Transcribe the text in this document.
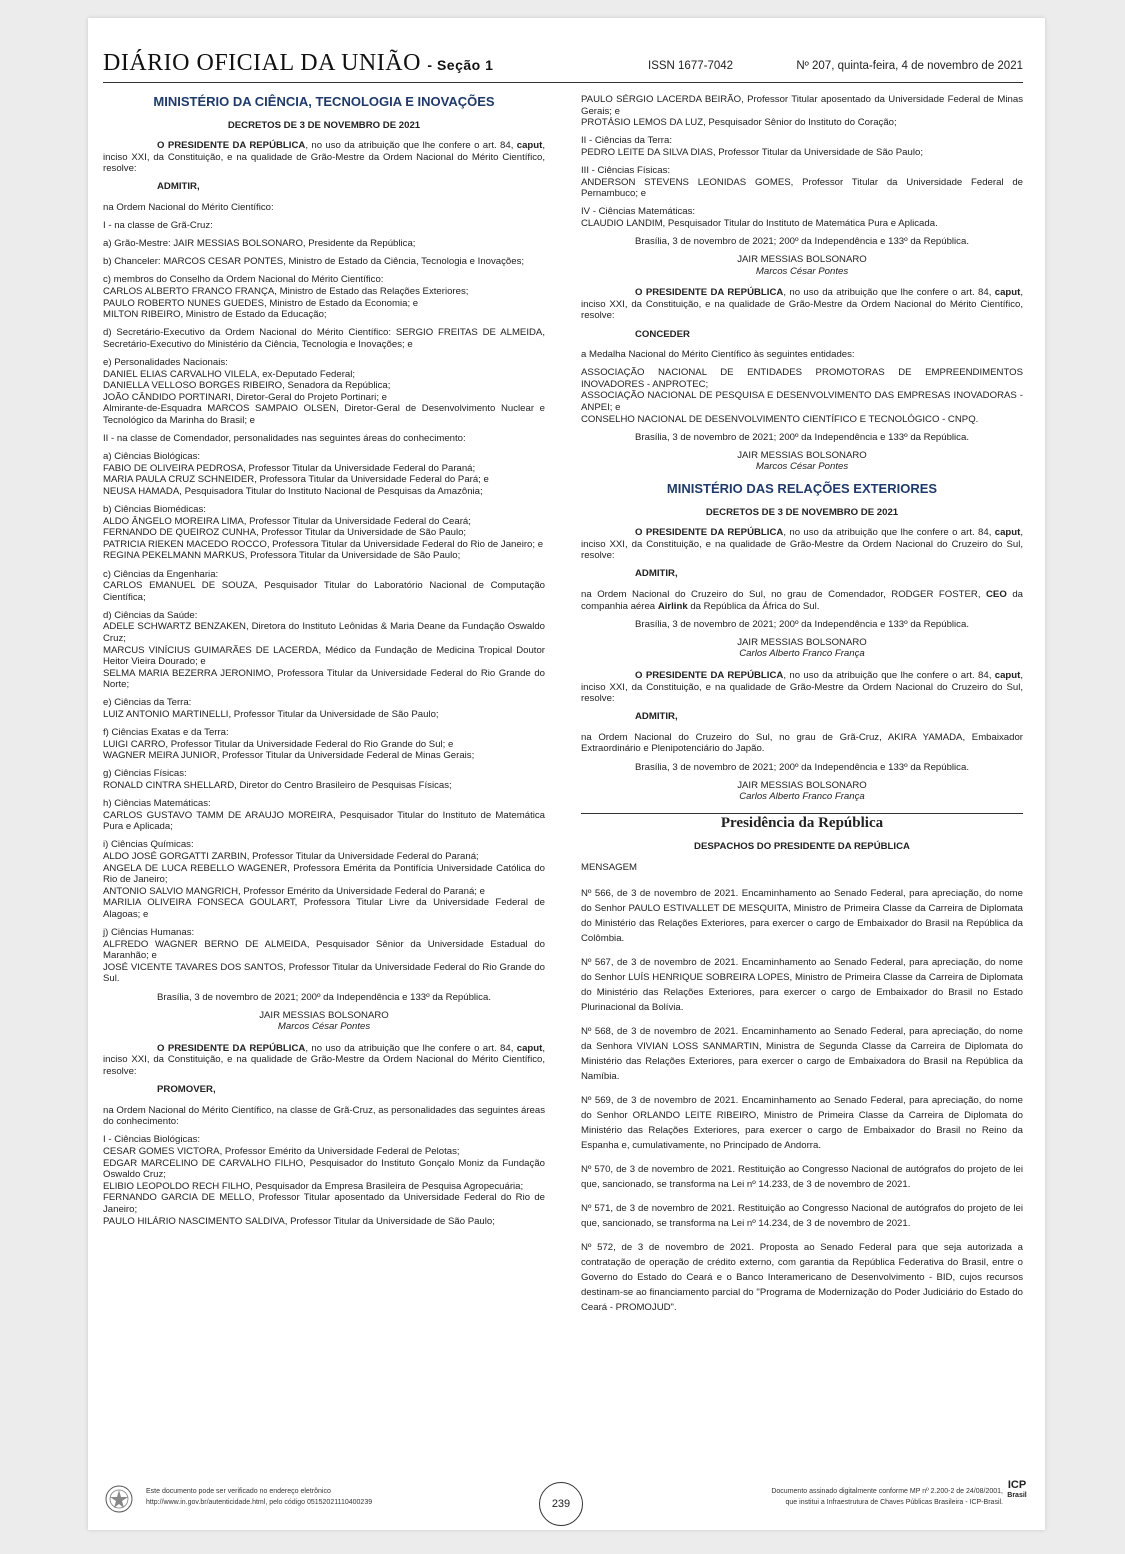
DIÁRIO OFICIAL DA UNIÃO - Seção 1	ISSN 1677-7042	Nº 207, quinta-feira, 4 de novembro de 2021
MINISTÉRIO DA CIÊNCIA, TECNOLOGIA E INOVAÇÕES
DECRETOS DE 3 DE NOVEMBRO DE 2021

O PRESIDENTE DA REPÚBLICA, no uso da atribuição que lhe confere o art. 84, caput, inciso XXI, da Constituição, e na qualidade de Grão-Mestre da Ordem Nacional do Mérito Científico, resolve:

ADMITIR,

na Ordem Nacional do Mérito Científico:

I - na classe de Grã-Cruz:

a) Grão-Mestre: JAIR MESSIAS BOLSONARO, Presidente da República;

b) Chanceler: MARCOS CESAR PONTES, Ministro de Estado da Ciência, Tecnologia e Inovações;

c) membros do Conselho da Ordem Nacional do Mérito Científico:
CARLOS ALBERTO FRANCO FRANÇA, Ministro de Estado das Relações Exteriores;
PAULO ROBERTO NUNES GUEDES, Ministro de Estado da Economia; e
MILTON RIBEIRO, Ministro de Estado da Educação;

d) Secretário-Executivo da Ordem Nacional do Mérito Científico: SERGIO FREITAS DE ALMEIDA, Secretário-Executivo do Ministério da Ciência, Tecnologia e Inovações; e

e) Personalidades Nacionais:
DANIEL ELIAS CARVALHO VILELA, ex-Deputado Federal;
DANIELLA VELLOSO BORGES RIBEIRO, Senadora da República;
JOÃO CÂNDIDO PORTINARI, Diretor-Geral do Projeto Portinari; e
Almirante-de-Esquadra MARCOS SAMPAIO OLSEN, Diretor-Geral de Desenvolvimento Nuclear e Tecnológico da Marinha do Brasil; e

II - na classe de Comendador, personalidades nas seguintes áreas do conhecimento:

a) Ciências Biológicas:
FABIO DE OLIVEIRA PEDROSA, Professor Titular da Universidade Federal do Paraná;
MARIA PAULA CRUZ SCHNEIDER, Professora Titular da Universidade Federal do Pará; e
NEUSA HAMADA, Pesquisadora Titular do Instituto Nacional de Pesquisas da Amazônia;

b) Ciências Biomédicas:
ALDO ÂNGELO MOREIRA LIMA, Professor Titular da Universidade Federal do Ceará;
FERNANDO DE QUEIROZ CUNHA, Professor Titular da Universidade de São Paulo;
PATRICIA RIEKEN MACEDO ROCCO, Professora Titular da Universidade Federal do Rio de Janeiro; e
REGINA PEKELMANN MARKUS, Professora Titular da Universidade de São Paulo;

c) Ciências da Engenharia:
CARLOS EMANUEL DE SOUZA, Pesquisador Titular do Laboratório Nacional de Computação Científica;

d) Ciências da Saúde:
ADELE SCHWARTZ BENZAKEN, Diretora do Instituto Leônidas & Maria Deane da Fundação Oswaldo Cruz;
MARCUS VINÍCIUS GUIMARÃES DE LACERDA, Médico da Fundação de Medicina Tropical Doutor Heitor Vieira Dourado; e
SELMA MARIA BEZERRA JERONIMO, Professora Titular da Universidade Federal do Rio Grande do Norte;

e) Ciências da Terra:
LUIZ ANTONIO MARTINELLI, Professor Titular da Universidade de São Paulo;

f) Ciências Exatas e da Terra:
LUIGI CARRO, Professor Titular da Universidade Federal do Rio Grande do Sul; e
WAGNER MEIRA JUNIOR, Professor Titular da Universidade Federal de Minas Gerais;

g) Ciências Físicas:
RONALD CINTRA SHELLARD, Diretor do Centro Brasileiro de Pesquisas Físicas;

h) Ciências Matemáticas:
CARLOS GUSTAVO TAMM DE ARAUJO MOREIRA, Pesquisador Titular do Instituto de Matemática Pura e Aplicada;

i) Ciências Químicas:
ALDO JOSÉ GORGATTI ZARBIN, Professor Titular da Universidade Federal do Paraná;
ANGELA DE LUCA REBELLO WAGENER, Professora Emérita da Pontifícia Universidade Católica do Rio de Janeiro;
ANTONIO SALVIO MANGRICH, Professor Emérito da Universidade Federal do Paraná; e
MARILIA OLIVEIRA FONSECA GOULART, Professora Titular Livre da Universidade Federal de Alagoas; e

j) Ciências Humanas:
ALFREDO WAGNER BERNO DE ALMEIDA, Pesquisador Sênior da Universidade Estadual do Maranhão; e
JOSÉ VICENTE TAVARES DOS SANTOS, Professor Titular da Universidade Federal do Rio Grande do Sul.

Brasília, 3 de novembro de 2021; 200º da Independência e 133º da República.

JAIR MESSIAS BOLSONARO
Marcos César Pontes

O PRESIDENTE DA REPÚBLICA, no uso da atribuição que lhe confere o art. 84, caput, inciso XXI, da Constituição, e na qualidade de Grão-Mestre da Ordem Nacional do Mérito Científico, resolve:

PROMOVER,

na Ordem Nacional do Mérito Científico, na classe de Grã-Cruz, as personalidades das seguintes áreas do conhecimento:

I - Ciências Biológicas:
CESAR GOMES VICTORA, Professor Emérito da Universidade Federal de Pelotas;
EDGAR MARCELINO DE CARVALHO FILHO, Pesquisador do Instituto Gonçalo Moniz da Fundação Oswaldo Cruz;
ELIBIO LEOPOLDO RECH FILHO, Pesquisador da Empresa Brasileira de Pesquisa Agropecuária;
FERNANDO GARCIA DE MELLO, Professor Titular aposentado da Universidade Federal do Rio de Janeiro;
PAULO HILÁRIO NASCIMENTO SALDIVA, Professor Titular da Universidade de São Paulo;

PAULO SÉRGIO LACERDA BEIRÃO, Professor Titular aposentado da Universidade Federal de Minas Gerais; e
PROTÁSIO LEMOS DA LUZ, Pesquisador Sênior do Instituto do Coração;

II - Ciências da Terra:
PEDRO LEITE DA SILVA DIAS, Professor Titular da Universidade de São Paulo;

III - Ciências Físicas:
ANDERSON STEVENS LEONIDAS GOMES, Professor Titular da Universidade Federal de Pernambuco; e

IV - Ciências Matemáticas:
CLAUDIO LANDIM, Pesquisador Titular do Instituto de Matemática Pura e Aplicada.

Brasília, 3 de novembro de 2021; 200º da Independência e 133º da República.

JAIR MESSIAS BOLSONARO
Marcos César Pontes

O PRESIDENTE DA REPÚBLICA, no uso da atribuição que lhe confere o art. 84, caput, inciso XXI, da Constituição, e na qualidade de Grão-Mestre da Ordem Nacional do Mérito Científico, resolve:

CONCEDER

a Medalha Nacional do Mérito Científico às seguintes entidades:

ASSOCIAÇÃO NACIONAL DE ENTIDADES PROMOTORAS DE EMPREENDIMENTOS INOVADORES - ANPROTEC;
ASSOCIAÇÃO NACIONAL DE PESQUISA E DESENVOLVIMENTO DAS EMPRESAS INOVADORAS - ANPEI; e
CONSELHO NACIONAL DE DESENVOLVIMENTO CIENTÍFICO E TECNOLÓGICO - CNPQ.

Brasília, 3 de novembro de 2021; 200º da Independência e 133º da República.

JAIR MESSIAS BOLSONARO
Marcos César Pontes

MINISTÉRIO DAS RELAÇÕES EXTERIORES
DECRETOS DE 3 DE NOVEMBRO DE 2021

O PRESIDENTE DA REPÚBLICA, no uso da atribuição que lhe confere o art. 84, caput, inciso XXI, da Constituição, e na qualidade de Grão-Mestre da Ordem Nacional do Cruzeiro do Sul, resolve:

ADMITIR,

na Ordem Nacional do Cruzeiro do Sul, no grau de Comendador, RODGER FOSTER, CEO da companhia aérea Airlink da República da África do Sul.

Brasília, 3 de novembro de 2021; 200º da Independência e 133º da República.

JAIR MESSIAS BOLSONARO
Carlos Alberto Franco França

O PRESIDENTE DA REPÚBLICA, no uso da atribuição que lhe confere o art. 84, caput, inciso XXI, da Constituição, e na qualidade de Grão-Mestre da Ordem Nacional do Cruzeiro do Sul, resolve:

ADMITIR,

na Ordem Nacional do Cruzeiro do Sul, no grau de Grã-Cruz, AKIRA YAMADA, Embaixador Extraordinário e Plenipotenciário do Japão.

Brasília, 3 de novembro de 2021; 200º da Independência e 133º da República.

JAIR MESSIAS BOLSONARO
Carlos Alberto Franco França

Presidência da República
DESPACHOS DO PRESIDENTE DA REPÚBLICA

MENSAGEM

Nº 566, de 3 de novembro de 2021. Encaminhamento ao Senado Federal, para apreciação, do nome do Senhor PAULO ESTIVALLET DE MESQUITA, Ministro de Primeira Classe da Carreira de Diplomata do Ministério das Relações Exteriores, para exercer o cargo de Embaixador do Brasil na República da Colômbia.

Nº 567, de 3 de novembro de 2021. Encaminhamento ao Senado Federal, para apreciação, do nome do Senhor LUÍS HENRIQUE SOBREIRA LOPES, Ministro de Primeira Classe da Carreira de Diplomata do Ministério das Relações Exteriores, para exercer o cargo de Embaixador do Brasil no Estado Plurinacional da Bolívia.

Nº 568, de 3 de novembro de 2021. Encaminhamento ao Senado Federal, para apreciação, do nome da Senhora VIVIAN LOSS SANMARTIN, Ministra de Segunda Classe da Carreira de Diplomata do Ministério das Relações Exteriores, para exercer o cargo de Embaixadora do Brasil na República da Namíbia.

Nº 569, de 3 de novembro de 2021. Encaminhamento ao Senado Federal, para apreciação, do nome do Senhor ORLANDO LEITE RIBEIRO, Ministro de Primeira Classe da Carreira de Diplomata do Ministério das Relações Exteriores, para exercer o cargo de Embaixador do Brasil no Reino da Espanha e, cumulativamente, no Principado de Andorra.

Nº 570, de 3 de novembro de 2021. Restituição ao Congresso Nacional de autógrafos do projeto de lei que, sancionado, se transforma na Lei nº 14.233, de 3 de novembro de 2021.

Nº 571, de 3 de novembro de 2021. Restituição ao Congresso Nacional de autógrafos do projeto de lei que, sancionado, se transforma na Lei nº 14.234, de 3 de novembro de 2021.

Nº 572, de 3 de novembro de 2021. Proposta ao Senado Federal para que seja autorizada a contratação de operação de crédito externo, com garantia da República Federativa do Brasil, entre o Governo do Estado do Ceará e o Banco Interamericano de Desenvolvimento - BID, cujos recursos destinam-se ao financiamento parcial do "Programa de Modernização do Poder Judiciário do Estado do Ceará - PROMOJUD".

Este documento pode ser verificado no endereço eletrônico
http://www.in.gov.br/autenticidade.html, pelo código 05152021110400239	239
Documento assinado digitalmente conforme MP nº 2.200-2 de 24/08/2001,
que institui a Infraestrutura de Chaves Públicas Brasileira - ICP-Brasil.
ICP
Brasil
